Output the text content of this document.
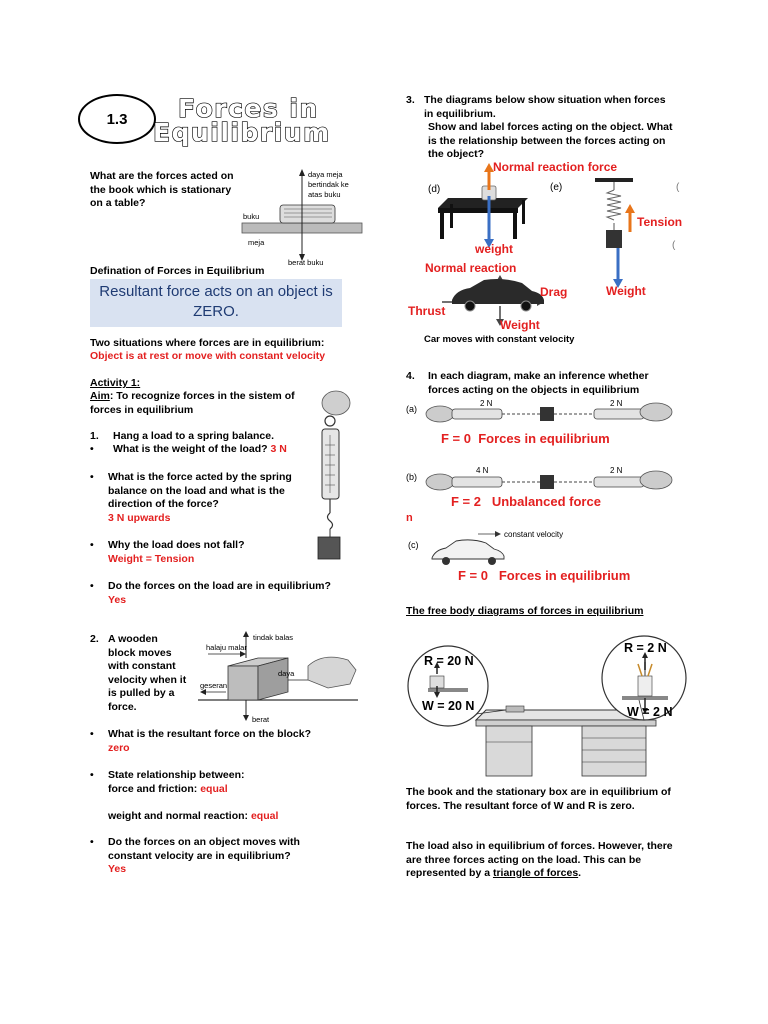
1.3 Forces in
Equilibrium
What are the forces acted on the book which is stationary on a table?
daya meja
bertindak ke
atas buku
buku
meja
berat buku
Defination of Forces in Equilibrium
Resultant force acts on an object is ZERO.
Two situations where forces are in equilibrium:
Object is at rest or move with constant velocity
Activity 1:
Aim: To recognize forces in the sistem of forces in equilibrium
1. Hang a load to a spring balance.
• What is the weight of the load? 3 N
• What is the force acted by the spring balance on the load and what is the direction of the force?
3 N upwards
• Why the load does not fall?
Weight = Tension
• Do the forces on the load are in equilibrium?
Yes
2. A wooden block moves with constant velocity when it is pulled by a force.
tindak balas
halaju malar
daya
geseran
berat
• What is the resultant force on the block?
zero
• State relationship between:
force and friction: equal
weight and normal reaction: equal
• Do the forces on an object moves with constant velocity are in equilibrium?
Yes
3. The diagrams below show situation when forces in equilibrium.
Show and label forces acting on the object. What is the relationship between the forces acting on the object?
(d)
Normal reaction force
weight
(e)	(
(
Tension
Weight
Normal reaction
Drag
Thrust
Weight
Car moves with constant velocity
4. In each diagram, make an inference whether forces acting on the objects in equilibrium
(a)
2 N	2 N
F = 0 Forces in equilibrium
(b)
4 N	2 N
F = 2 Unbalanced force
n
(c)
constant velocity
F = 0 Forces in equilibrium
The free body diagrams of forces in equilibrium
R = 20 N
W = 20 N
R = 2 N
W = 2 N
The book and the stationary box are in equilibrium of forces. The resultant force of W and R is zero.
The load also in equilibrium of forces. However, there are three forces acting on the load. This can be represented by a triangle of forces.
